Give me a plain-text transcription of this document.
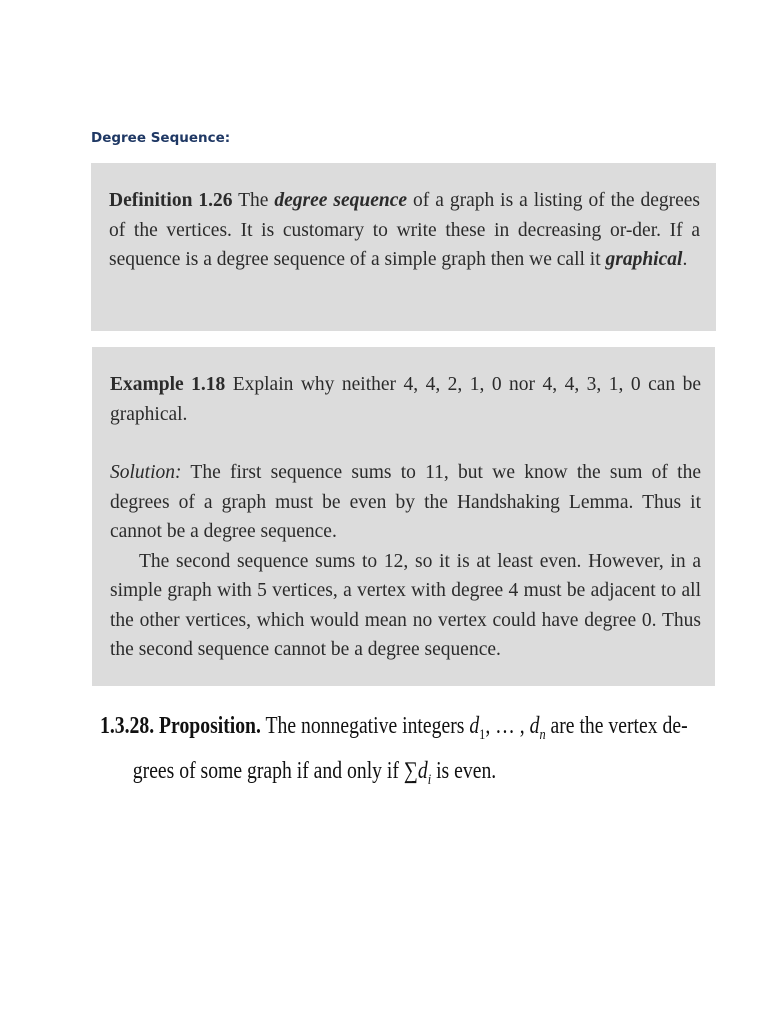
Degree Sequence:

Definition 1.26 The degree sequence of a graph is a listing of the degrees of the vertices. It is customary to write these in decreasing or-der. If a sequence is a degree sequence of a simple graph then we call it graphical.

Example 1.18 Explain why neither 4, 4, 2, 1, 0 nor 4, 4, 3, 1, 0 can be graphical.

Solution: The first sequence sums to 11, but we know the sum of the degrees of a graph must be even by the Handshaking Lemma. Thus it cannot be a degree sequence.

The second sequence sums to 12, so it is at least even. However, in a simple graph with 5 vertices, a vertex with degree 4 must be adjacent to all the other vertices, which would mean no vertex could have degree 0. Thus the second sequence cannot be a degree sequence.

1.3.28. Proposition. The nonnegative integers $d_1$, … , $d_n$ are the vertex de-
grees of some graph if and only if $\sum d_i$ is even.
